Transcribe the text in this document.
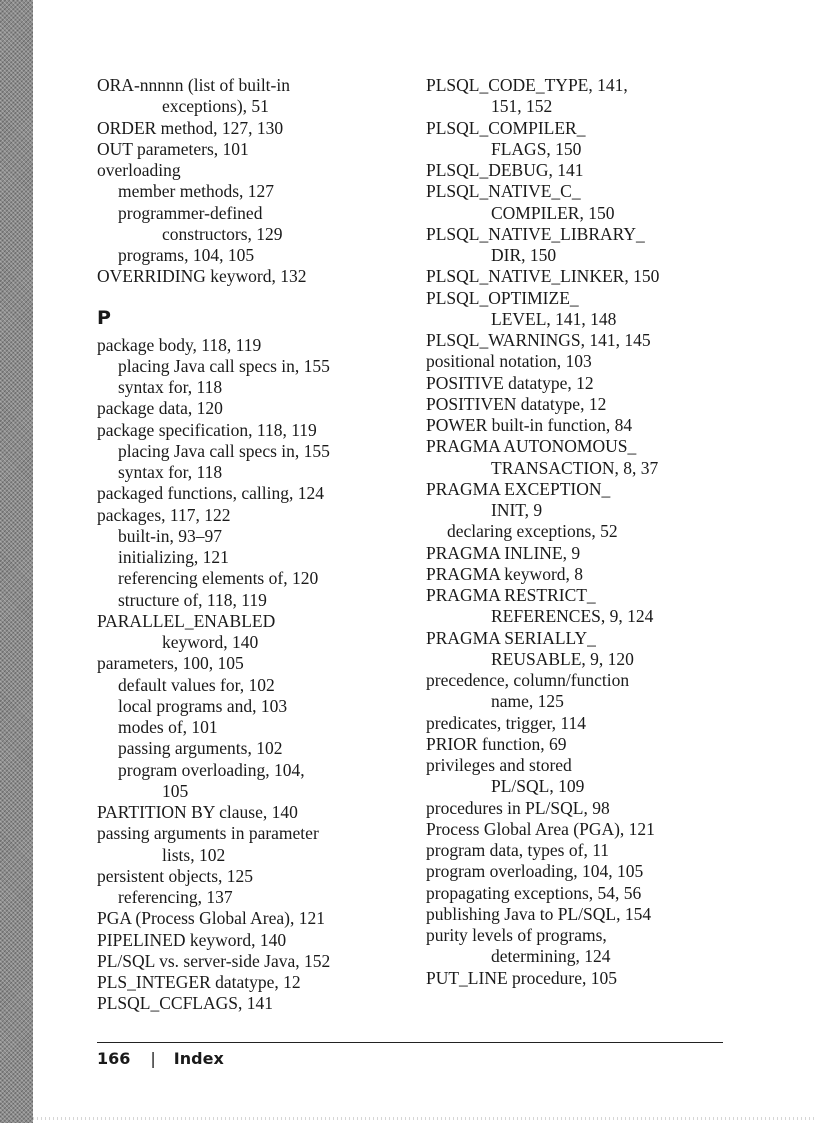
ORA-nnnnn (list of built-in
exceptions), 51
ORDER method, 127, 130
OUT parameters, 101
overloading
member methods, 127
programmer-defined
constructors, 129
programs, 104, 105
OVERRIDING keyword, 132
P
package body, 118, 119
placing Java call specs in, 155
syntax for, 118
package data, 120
package specification, 118, 119
placing Java call specs in, 155
syntax for, 118
packaged functions, calling, 124
packages, 117, 122
built-in, 93–97
initializing, 121
referencing elements of, 120
structure of, 118, 119
PARALLEL_ENABLED
keyword, 140
parameters, 100, 105
default values for, 102
local programs and, 103
modes of, 101
passing arguments, 102
program overloading, 104,
105
PARTITION BY clause, 140
passing arguments in parameter
lists, 102
persistent objects, 125
referencing, 137
PGA (Process Global Area), 121
PIPELINED keyword, 140
PL/SQL vs. server-side Java, 152
PLS_INTEGER datatype, 12
PLSQL_CCFLAGS, 141
PLSQL_CODE_TYPE, 141,
151, 152
PLSQL_COMPILER_
FLAGS, 150
PLSQL_DEBUG, 141
PLSQL_NATIVE_C_
COMPILER, 150
PLSQL_NATIVE_LIBRARY_
DIR, 150
PLSQL_NATIVE_LINKER, 150
PLSQL_OPTIMIZE_
LEVEL, 141, 148
PLSQL_WARNINGS, 141, 145
positional notation, 103
POSITIVE datatype, 12
POSITIVEN datatype, 12
POWER built-in function, 84
PRAGMA AUTONOMOUS_
TRANSACTION, 8, 37
PRAGMA EXCEPTION_
INIT, 9
declaring exceptions, 52
PRAGMA INLINE, 9
PRAGMA keyword, 8
PRAGMA RESTRICT_
REFERENCES, 9, 124
PRAGMA SERIALLY_
REUSABLE, 9, 120
precedence, column/function
name, 125
predicates, trigger, 114
PRIOR function, 69
privileges and stored
PL/SQL, 109
procedures in PL/SQL, 98
Process Global Area (PGA), 121
program data, types of, 11
program overloading, 104, 105
propagating exceptions, 54, 56
publishing Java to PL/SQL, 154
purity levels of programs,
determining, 124
PUT_LINE procedure, 105
166 | Index
